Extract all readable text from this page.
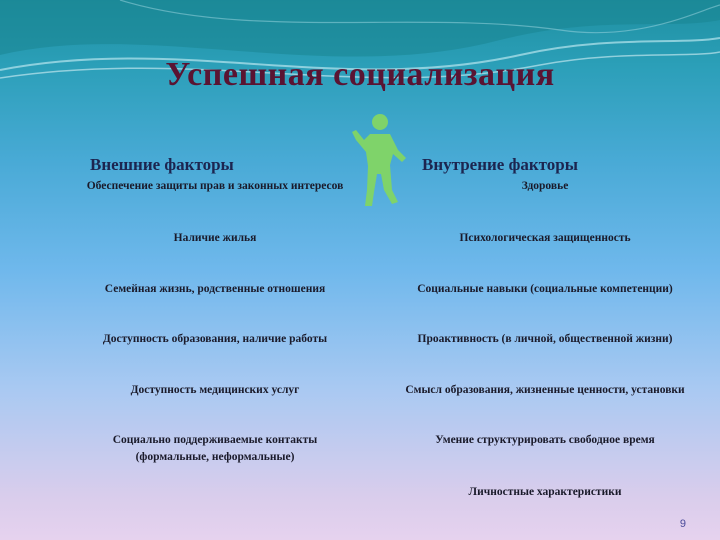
Успешная социализация
Внешние факторы	Внутрение факторы
Обеспечение защиты прав и законных интересов
Наличие жилья
Семейная жизнь, родственные отношения
Доступность образования, наличие работы
Доступность медицинских услуг
Социально поддерживаемые контакты (формальные, неформальные)
Здоровье
Психологическая защищенность
Социальные навыки (социальные компетенции)
Проактивность (в личной, общественной жизни)
Смысл образования, жизненные ценности, установки
Умение структурировать свободное время
Личностные характеристики
9
